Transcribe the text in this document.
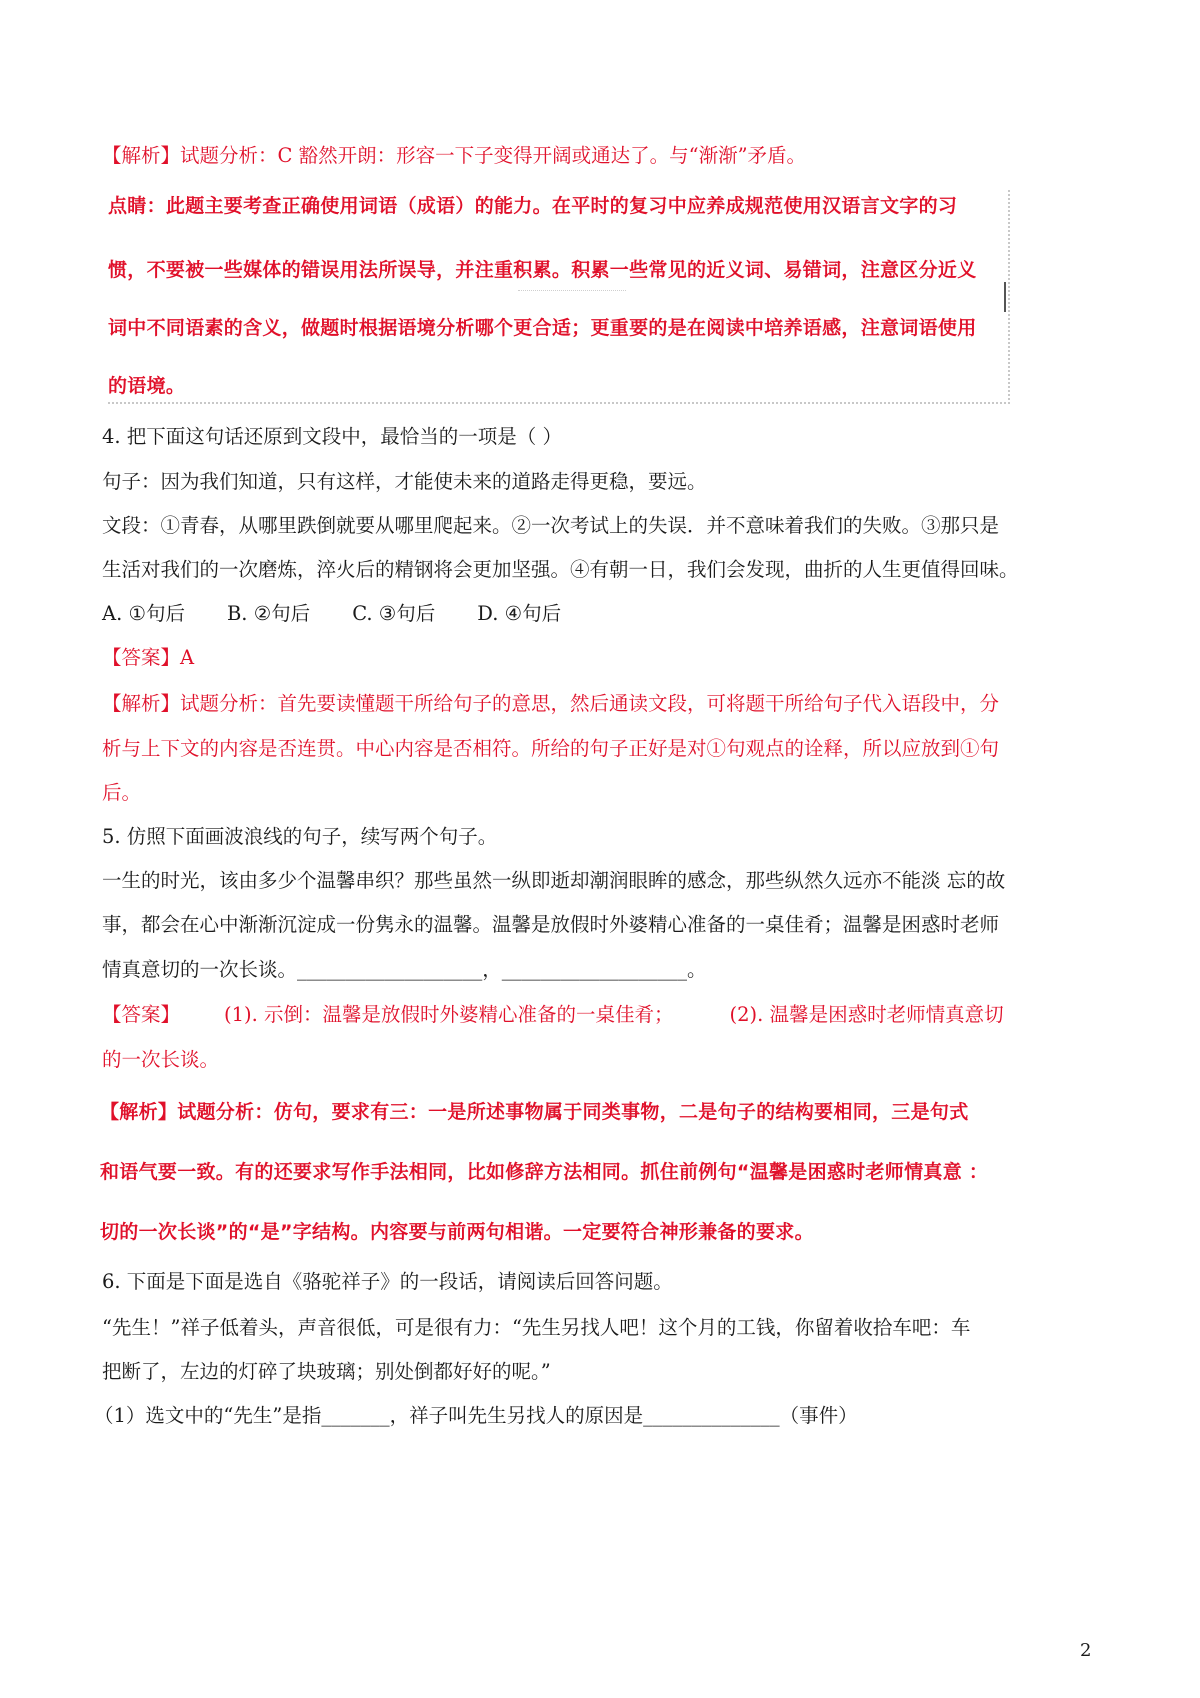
【解析】试题分析：C 豁然开朗：形容一下子变得开阔或通达了。与“渐渐”矛盾。
点睛：此题主要考查正确使用词语（成语）的能力。在平时的复习中应养成规范使用汉语言文字的习
惯，不要被一些媒体的错误用法所误导，并注重积累。积累一些常见的近义词、易错词，注意区分近义
词中不同语素的含义，做题时根据语境分析哪个更合适；更重要的是在阅读中培养语感，注意词语使用
的语境。
4. 把下面这句话还原到文段中，最恰当的一项是（ ）
句子：因为我们知道，只有这样，才能使未来的道路走得更稳，要远。
文段：①青春，从哪里跌倒就要从哪里爬起来。②一次考试上的失误．并不意味着我们的失败。③那只是
生活对我们的一次磨炼，淬火后的精钢将会更加坚强。④有朝一日，我们会发现，曲折的人生更值得回味。
A. ①句后 B. ②句后 C. ③句后 D. ④句后
【答案】A
【解析】试题分析：首先要读懂题干所给句子的意思，然后通读文段，可将题干所给句子代入语段中，分
析与上下文的内容是否连贯。中心内容是否相符。所给的句子正好是对①句观点的诠释，所以应放到①句
后。
5. 仿照下面画波浪线的句子，续写两个句子。
一生的时光，该由多少个温馨串织？那些虽然一纵即逝却潮润眼眸的感念，那些纵然久远亦不能淡 忘的故
事，都会在心中渐渐沉淀成一份隽永的温馨。温馨是放假时外婆精心准备的一桌佳肴；温馨是困惑时老师
情真意切的一次长谈。___________________，___________________。
【答案】 (1). 示倒：温馨是放假时外婆精心准备的一桌佳肴；	(2). 温馨是困惑时老师情真意切
的一次长谈。
【解析】试题分析：仿句，要求有三：一是所述事物属于同类事物，二是句子的结构要相同，三是句式
和语气要一致。有的还要求写作手法相同，比如修辞方法相同。抓住前例句“温馨是困惑时老师情真意 ：
切的一次长谈”的“是”字结构。内容要与前两句相谐。一定要符合神形兼备的要求。
6. 下面是下面是选自《骆驼祥子》的一段话，请阅读后回答问题。
“先生！”祥子低着头，声音很低，可是很有力：“先生另找人吧！这个月的工钱，你留着收拾车吧：车
把断了，左边的灯碎了块玻璃；别处倒都好好的呢。”
（1）选文中的“先生”是指_______，祥子叫先生另找人的原因是______________（事件）
2
